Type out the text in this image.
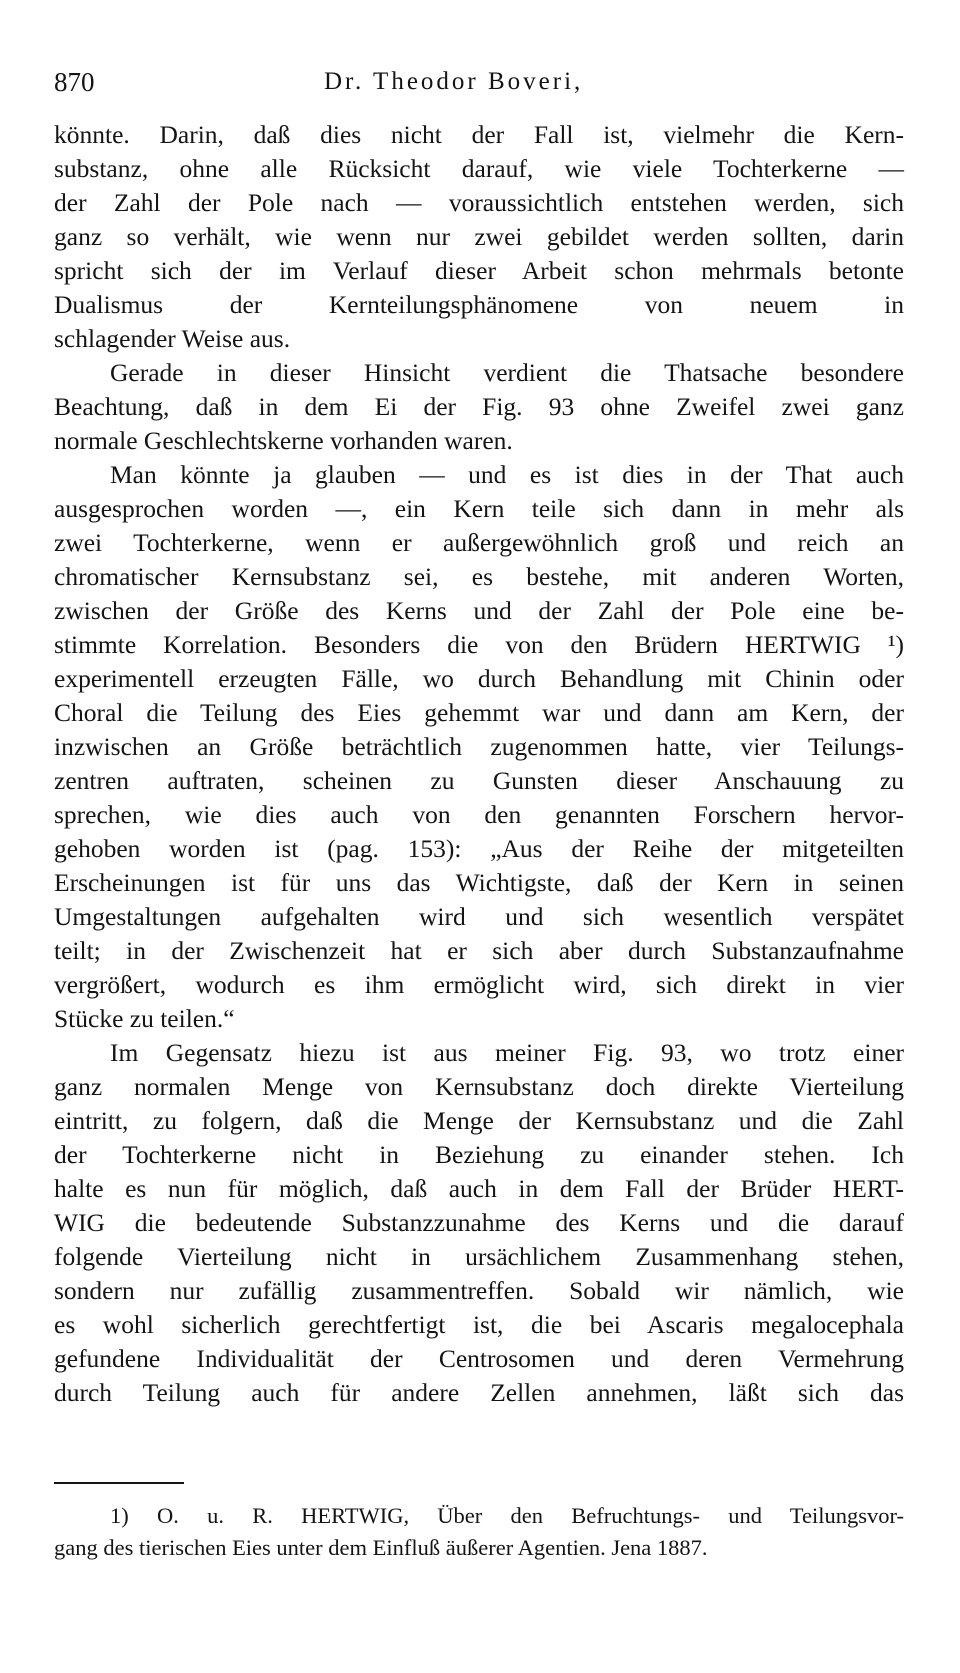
870	Dr. Theodor Boveri,
könnte. Darin, daß dies nicht der Fall ist, vielmehr die Kern-
substanz, ohne alle Rücksicht darauf, wie viele Tochterkerne —
der Zahl der Pole nach — voraussichtlich entstehen werden, sich
ganz so verhält, wie wenn nur zwei gebildet werden sollten, darin
spricht sich der im Verlauf dieser Arbeit schon mehrmals betonte
Dualismus der Kernteilungsphänomene von neuem in
schlagender Weise aus.
Gerade in dieser Hinsicht verdient die Thatsache besondere
Beachtung, daß in dem Ei der Fig. 93 ohne Zweifel zwei ganz
normale Geschlechtskerne vorhanden waren.
Man könnte ja glauben — und es ist dies in der That auch
ausgesprochen worden —, ein Kern teile sich dann in mehr als
zwei Tochterkerne, wenn er außergewöhnlich groß und reich an
chromatischer Kernsubstanz sei, es bestehe, mit anderen Worten,
zwischen der Größe des Kerns und der Zahl der Pole eine be-
stimmte Korrelation. Besonders die von den Brüdern HERTWIG ¹)
experimentell erzeugten Fälle, wo durch Behandlung mit Chinin oder
Choral die Teilung des Eies gehemmt war und dann am Kern, der
inzwischen an Größe beträchtlich zugenommen hatte, vier Teilungs-
zentren auftraten, scheinen zu Gunsten dieser Anschauung zu
sprechen, wie dies auch von den genannten Forschern hervor-
gehoben worden ist (pag. 153): „Aus der Reihe der mitgeteilten
Erscheinungen ist für uns das Wichtigste, daß der Kern in seinen
Umgestaltungen aufgehalten wird und sich wesentlich verspätet
teilt; in der Zwischenzeit hat er sich aber durch Substanzaufnahme
vergrößert, wodurch es ihm ermöglicht wird, sich direkt in vier
Stücke zu teilen.“
Im Gegensatz hiezu ist aus meiner Fig. 93, wo trotz einer
ganz normalen Menge von Kernsubstanz doch direkte Vierteilung
eintritt, zu folgern, daß die Menge der Kernsubstanz und die Zahl
der Tochterkerne nicht in Beziehung zu einander stehen. Ich
halte es nun für möglich, daß auch in dem Fall der Brüder HERT-
WIG die bedeutende Substanzzunahme des Kerns und die darauf
folgende Vierteilung nicht in ursächlichem Zusammenhang stehen,
sondern nur zufällig zusammentreffen. Sobald wir nämlich, wie
es wohl sicherlich gerechtfertigt ist, die bei Ascaris megalocephala
gefundene Individualität der Centrosomen und deren Vermehrung
durch Teilung auch für andere Zellen annehmen, läßt sich das
1) O. u. R. HERTWIG, Über den Befruchtungs- und Teilungsvor-
gang des tierischen Eies unter dem Einfluß äußerer Agentien. Jena 1887.
